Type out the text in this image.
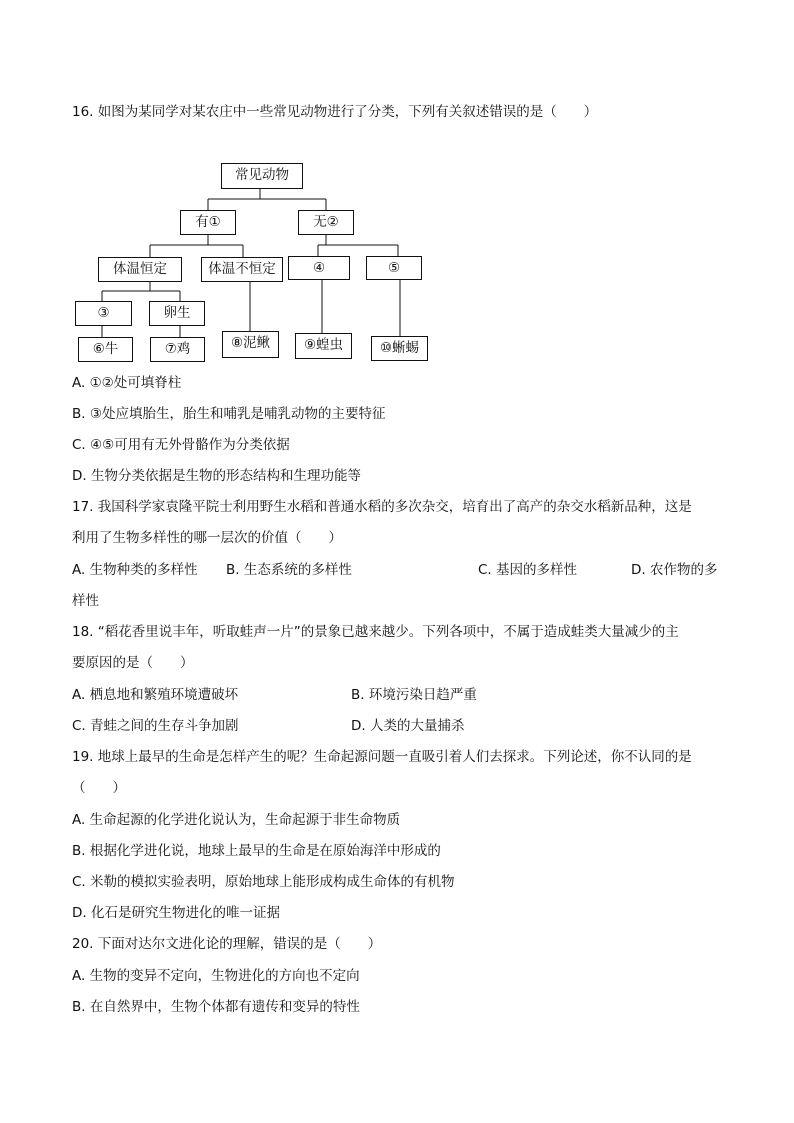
16. 如图为某同学对某农庄中一些常见动物进行了分类，下列有关叙述错误的是（　　）
常见动物
有①	无②
体温恒定	体温不恒定	④	⑤
③	卵生
⑥牛	⑦鸡	⑧泥鳅	⑨蝗虫	⑩蜥蜴
A. ①②处可填脊柱
B. ③处应填胎生，胎生和哺乳是哺乳动物的主要特征
C. ④⑤可用有无外骨骼作为分类依据
D. 生物分类依据是生物的形态结构和生理功能等
17. 我国科学家袁隆平院士利用野生水稻和普通水稻的多次杂交，培育出了高产的杂交水稻新品种，这是
利用了生物多样性的哪一层次的价值（　　）
A. 生物种类的多样性 B. 生态系统的多样性	C. 基因的多样性	D. 农作物的多
样性
18. “稻花香里说丰年，听取蛙声一片”的景象已越来越少。下列各项中，不属于造成蛙类大量减少的主
要原因的是（　　）
A. 栖息地和繁殖环境遭破坏	B. 环境污染日趋严重
C. 青蛙之间的生存斗争加剧	D. 人类的大量捕杀
19. 地球上最早的生命是怎样产生的呢？生命起源问题一直吸引着人们去探求。下列论述，你不认同的是
（　　）
A. 生命起源的化学进化说认为，生命起源于非生命物质
B. 根据化学进化说，地球上最早的生命是在原始海洋中形成的
C. 米勒的模拟实验表明，原始地球上能形成构成生命体的有机物
D. 化石是研究生物进化的唯一证据
20. 下面对达尔文进化论的理解，错误的是（　　）
A. 生物的变异不定向，生物进化的方向也不定向
B. 在自然界中，生物个体都有遗传和变异的特性
